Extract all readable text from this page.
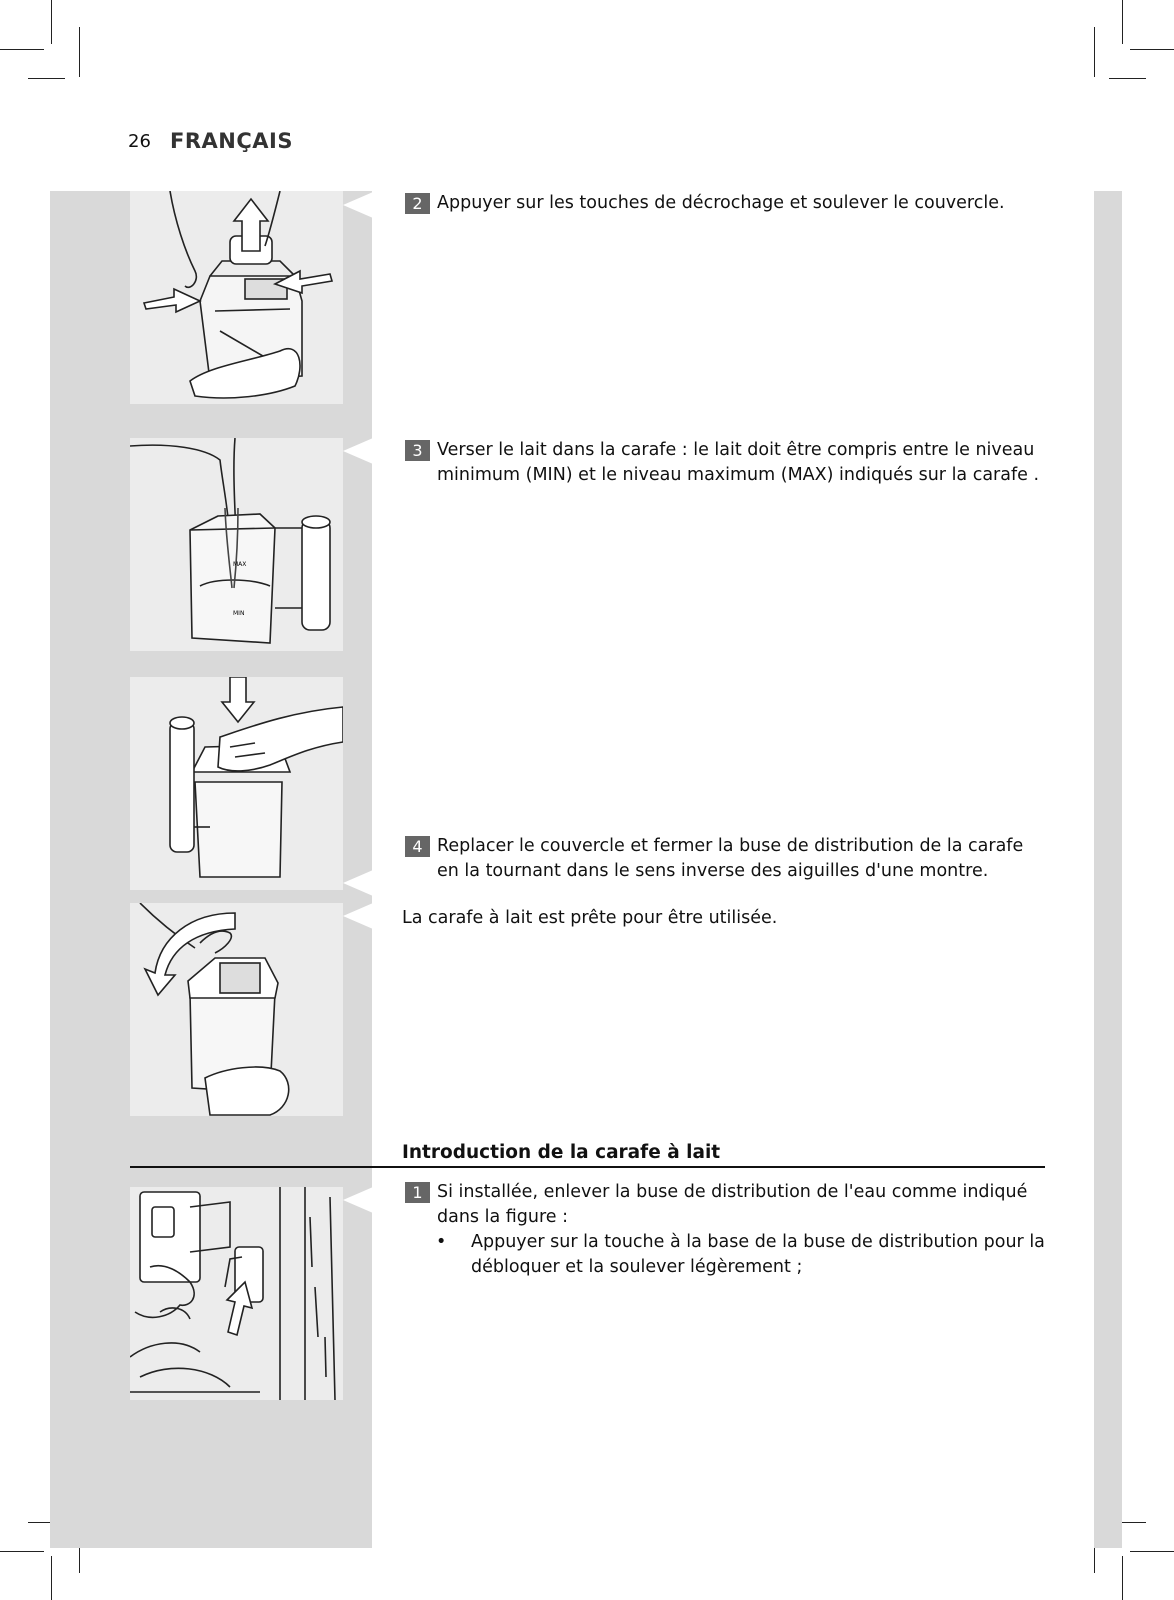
26 FRANÇAIS
MAX
MIN
2 Appuyer sur les touches de décrochage et soulever le couvercle.
3 Verser le lait dans la carafe : le lait doit être compris entre le niveau minimum (MIN) et le niveau maximum (MAX) indiqués sur la carafe .
4 Replacer le couvercle et fermer la buse de distribution de la carafe en la tournant dans le sens inverse des aiguilles d'une montre.
La carafe à lait est prête pour être utilisée.
Introduction de la carafe à lait
1 Si installée, enlever la buse de distribution de l'eau comme indiqué dans la figure :
• Appuyer sur la touche à la base de la buse de distribution pour la débloquer et la soulever légèrement ;
